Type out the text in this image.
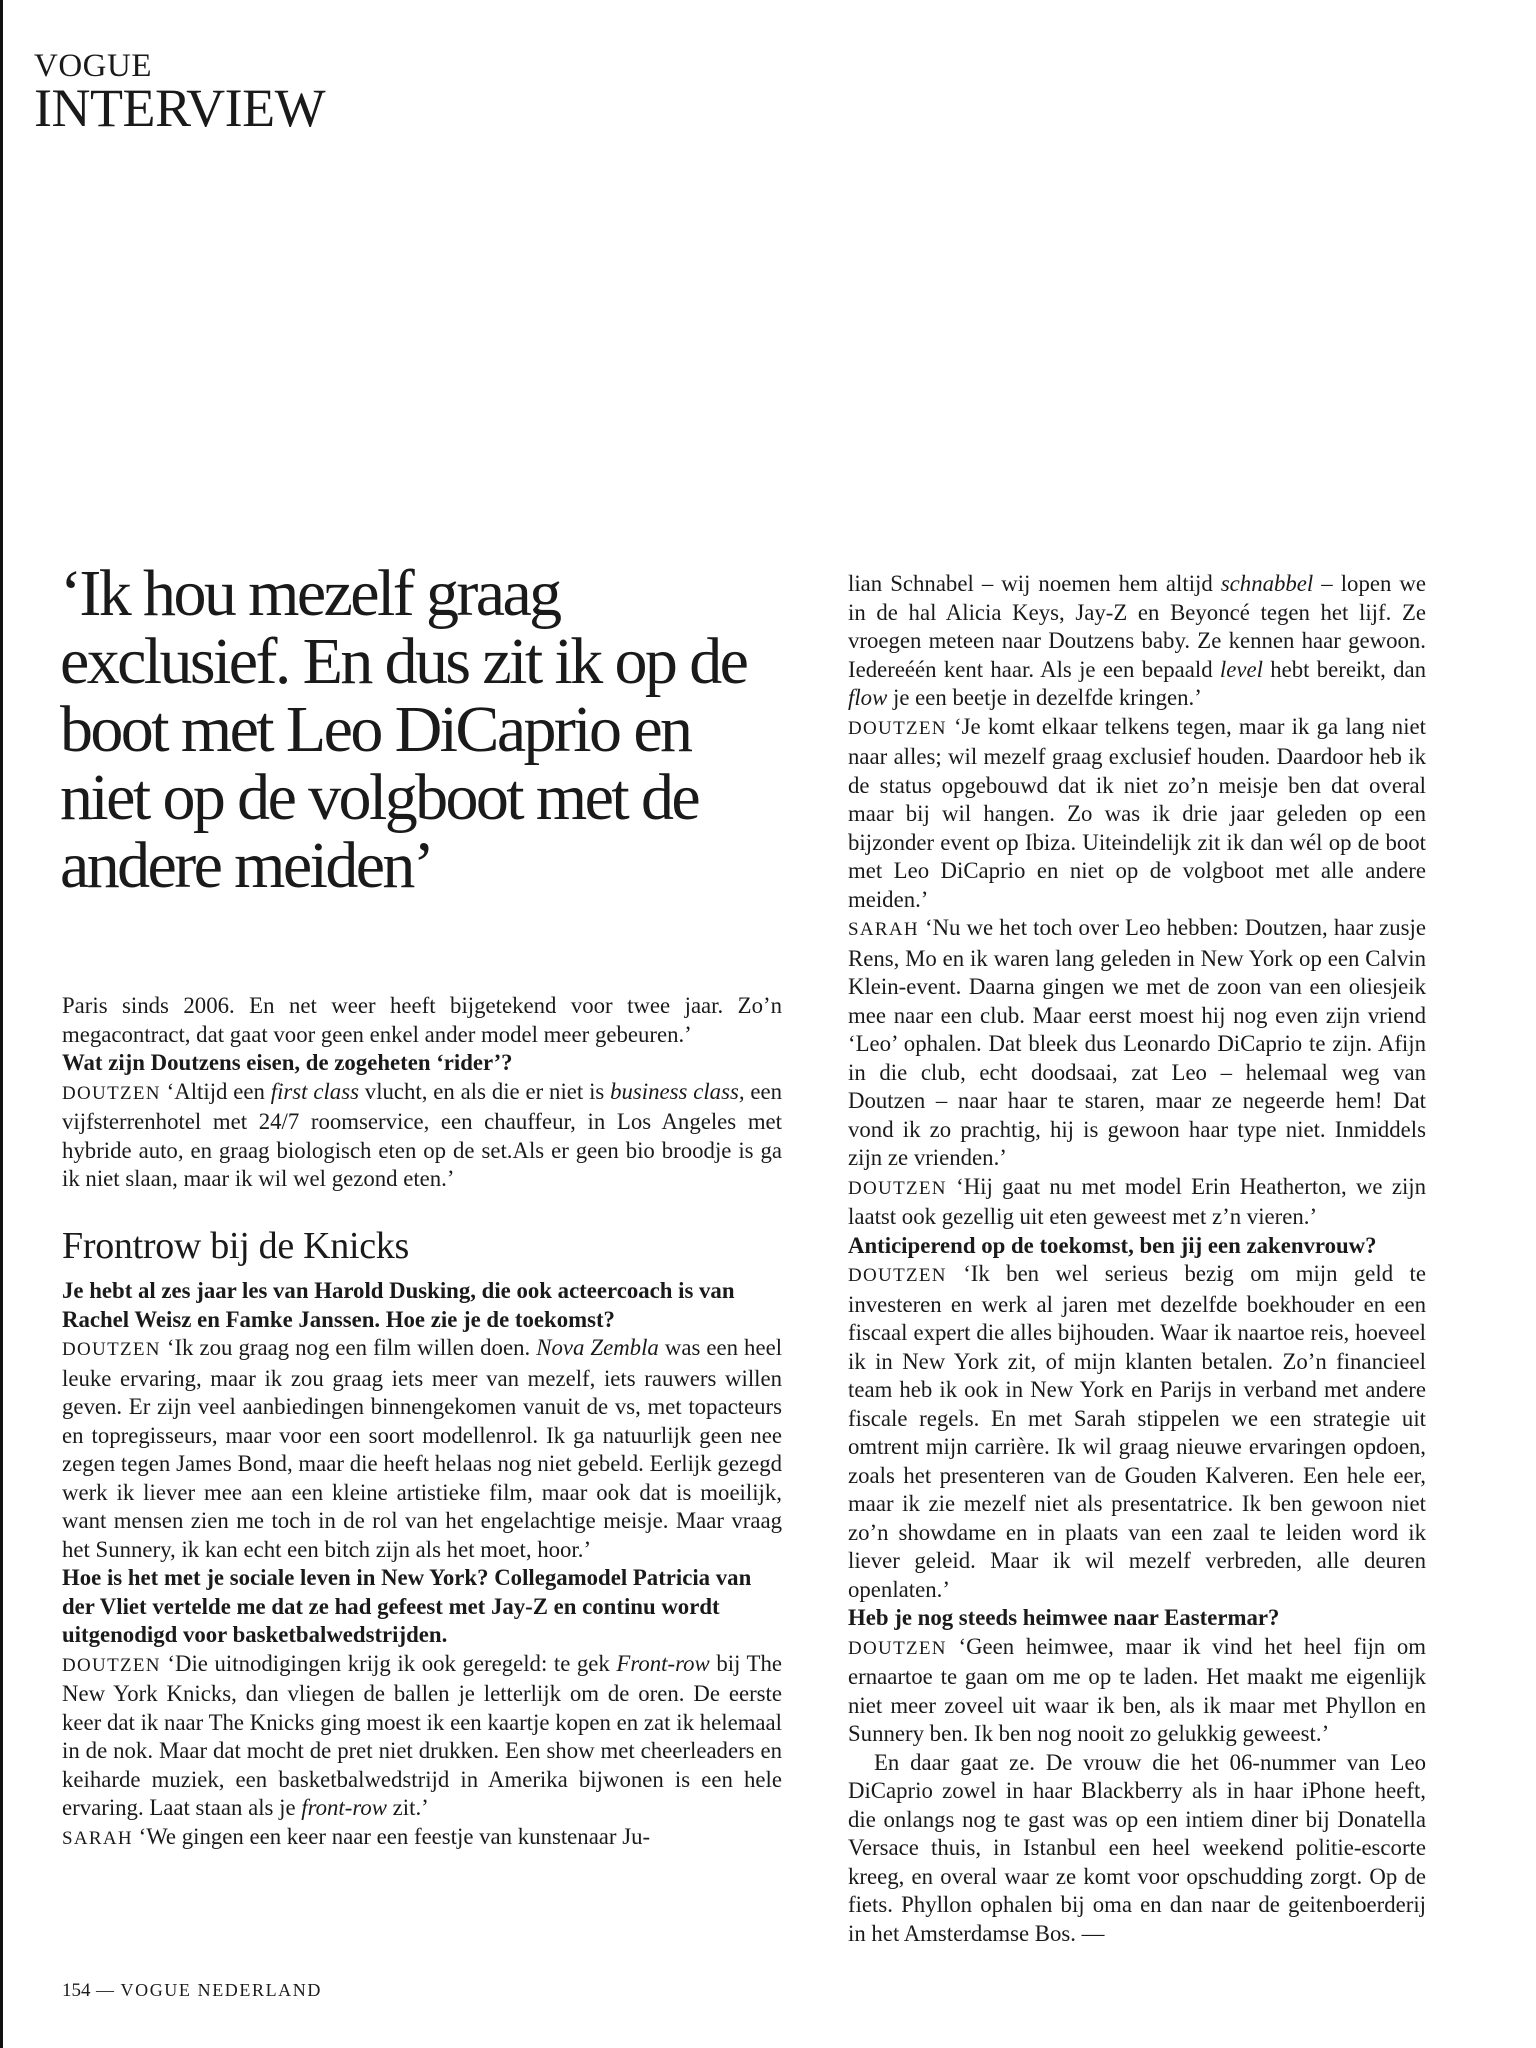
VOGUE
INTERVIEW
‘Ik hou mezelf graag exclusief. En dus zit ik op de boot met Leo DiCaprio en niet op de volgboot met de andere meiden’

Paris sinds 2006. En net weer heeft bijgetekend voor twee jaar. Zo’n megacontract, dat gaat voor geen enkel ander model meer gebeuren.’

Wat zijn Doutzens eisen, de zogeheten ‘rider’?

DOUTZEN ‘Altijd een first class vlucht, en als die er niet is business class, een vijfsterrenhotel met 24/7 roomservice, een chauffeur, in Los Angeles met hybride auto, en graag biologisch eten op de set.Als er geen bio broodje is ga ik niet slaan, maar ik wil wel gezond eten.’

Frontrow bij de Knicks

Je hebt al zes jaar les van Harold Dusking, die ook acteercoach is van Rachel Weisz en Famke Janssen. Hoe zie je de toekomst?

DOUTZEN ‘Ik zou graag nog een film willen doen. Nova Zembla was een heel leuke ervaring, maar ik zou graag iets meer van mezelf, iets rauwers willen geven. Er zijn veel aanbiedingen binnengekomen vanuit de vs, met topacteurs en topregisseurs, maar voor een soort modellenrol. Ik ga natuurlijk geen nee zegen tegen James Bond, maar die heeft helaas nog niet gebeld. Eerlijk gezegd werk ik liever mee aan een kleine artistieke film, maar ook dat is moeilijk, want mensen zien me toch in de rol van het engelachtige meisje. Maar vraag het Sunnery, ik kan echt een bitch zijn als het moet, hoor.’

Hoe is het met je sociale leven in New York? Collegamodel Patricia van der Vliet vertelde me dat ze had gefeest met Jay-Z en continu wordt uitgenodigd voor basketbalwedstrijden.

DOUTZEN ‘Die uitnodigingen krijg ik ook geregeld: te gek Front-row bij The New York Knicks, dan vliegen de ballen je letterlijk om de oren. De eerste keer dat ik naar The Knicks ging moest ik een kaartje kopen en zat ik helemaal in de nok. Maar dat mocht de pret niet drukken. Een show met cheerleaders en keiharde muziek, een basketbalwedstrijd in Amerika bijwonen is een hele ervaring. Laat staan als je front-row zit.’

SARAH ‘We gingen een keer naar een feestje van kunstenaar Ju-

lian Schnabel – wij noemen hem altijd schnabbel – lopen we in de hal Alicia Keys, Jay-Z en Beyoncé tegen het lijf. Ze vroegen meteen naar Doutzens baby. Ze kennen haar gewoon. Iedereéén kent haar. Als je een bepaald level hebt bereikt, dan flow je een beetje in dezelfde kringen.’

DOUTZEN ‘Je komt elkaar telkens tegen, maar ik ga lang niet naar alles; wil mezelf graag exclusief houden. Daardoor heb ik de status opgebouwd dat ik niet zo’n meisje ben dat overal maar bij wil hangen. Zo was ik drie jaar geleden op een bijzonder event op Ibiza. Uiteindelijk zit ik dan wél op de boot met Leo DiCaprio en niet op de volgboot met alle andere meiden.’

SARAH ‘Nu we het toch over Leo hebben: Doutzen, haar zusje Rens, Mo en ik waren lang geleden in New York op een Calvin Klein-event. Daarna gingen we met de zoon van een oliesjeik mee naar een club. Maar eerst moest hij nog even zijn vriend ‘Leo’ ophalen. Dat bleek dus Leonardo DiCaprio te zijn. Afijn in die club, echt doodsaai, zat Leo – helemaal weg van Doutzen – naar haar te staren, maar ze negeerde hem! Dat vond ik zo prachtig, hij is gewoon haar type niet. Inmiddels zijn ze vrienden.’

DOUTZEN ‘Hij gaat nu met model Erin Heatherton, we zijn laatst ook gezellig uit eten geweest met z’n vieren.’

Anticiperend op de toekomst, ben jij een zakenvrouw?

DOUTZEN ‘Ik ben wel serieus bezig om mijn geld te investeren en werk al jaren met dezelfde boekhouder en een fiscaal expert die alles bijhouden. Waar ik naartoe reis, hoeveel ik in New York zit, of mijn klanten betalen. Zo’n financieel team heb ik ook in New York en Parijs in verband met andere fiscale regels. En met Sarah stippelen we een strategie uit omtrent mijn carrière. Ik wil graag nieuwe ervaringen opdoen, zoals het presenteren van de Gouden Kalveren. Een hele eer, maar ik zie mezelf niet als presentatrice. Ik ben gewoon niet zo’n showdame en in plaats van een zaal te leiden word ik liever geleid. Maar ik wil mezelf verbreden, alle deuren openlaten.’

Heb je nog steeds heimwee naar Eastermar?

DOUTZEN ‘Geen heimwee, maar ik vind het heel fijn om ernaartoe te gaan om me op te laden. Het maakt me eigenlijk niet meer zoveel uit waar ik ben, als ik maar met Phyllon en Sunnery ben. Ik ben nog nooit zo gelukkig geweest.’

En daar gaat ze. De vrouw die het 06-nummer van Leo DiCaprio zowel in haar Blackberry als in haar iPhone heeft, die onlangs nog te gast was op een intiem diner bij Donatella Versace thuis, in Istanbul een heel weekend politie-escorte kreeg, en overal waar ze komt voor opschudding zorgt. Op de fiets. Phyllon ophalen bij oma en dan naar de geitenboerderij in het Amsterdamse Bos. —

154 — VOGUE NEDERLAND
